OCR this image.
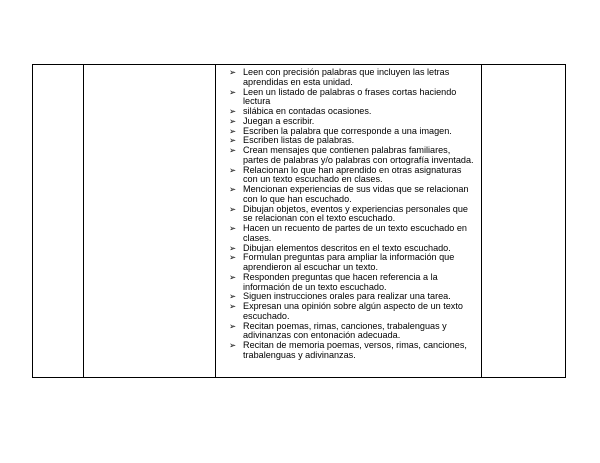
➢ Leen con precisión palabras que incluyen las letras
aprendidas en esta unidad.
➢ Leen un listado de palabras o frases cortas haciendo
lectura
➢ silábica en contadas ocasiones.
➢ Juegan a escribir.
➢ Escriben la palabra que corresponde a una imagen.
➢ Escriben listas de palabras.
➢ Crean mensajes que contienen palabras familiares,
partes de palabras y/o palabras con ortografía inventada.
➢ Relacionan lo que han aprendido en otras asignaturas
con un texto escuchado en clases.
➢ Mencionan experiencias de sus vidas que se relacionan
con lo que han escuchado.
➢ Dibujan objetos, eventos y experiencias personales que
se relacionan con el texto escuchado.
➢ Hacen un recuento de partes de un texto escuchado en
clases.
➢ Dibujan elementos descritos en el texto escuchado.
➢ Formulan preguntas para ampliar la información que
aprendieron al escuchar un texto.
➢ Responden preguntas que hacen referencia a la
información de un texto escuchado.
➢ Siguen instrucciones orales para realizar una tarea.
➢ Expresan una opinión sobre algún aspecto de un texto
escuchado.
➢ Recitan poemas, rimas, canciones, trabalenguas y
adivinanzas con entonación adecuada.
➢ Recitan de memoria poemas, versos, rimas, canciones,
trabalenguas y adivinanzas.
